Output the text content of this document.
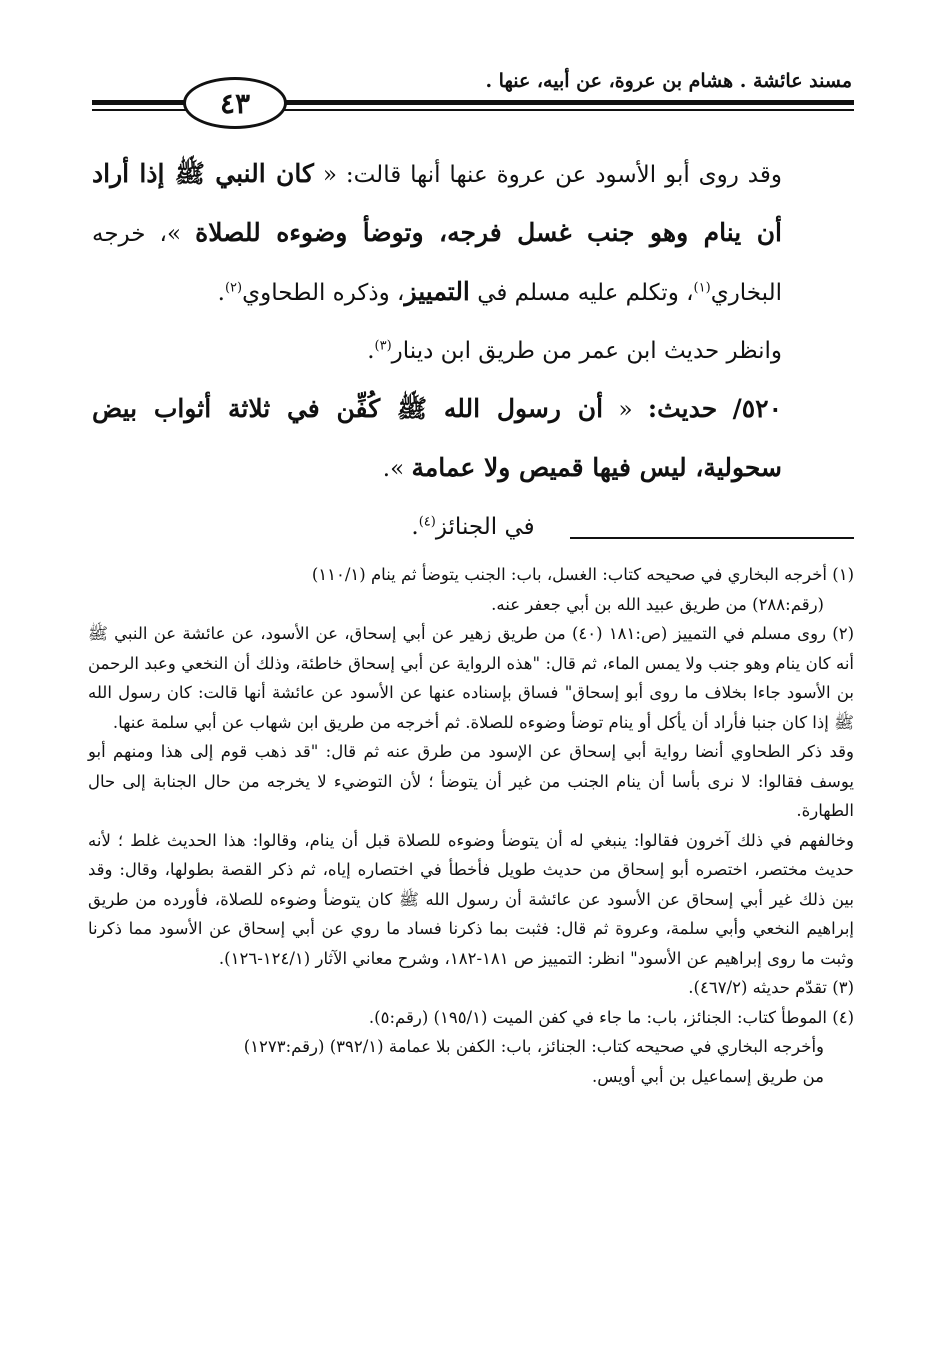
مسند عائشة . هشام بن عروة، عن أبيه، عنها .
٤٣

وقد روى أبو الأسود عن عروة عنها أنها قالت: « كان النبي ﷺ إذا أراد أن ينام وهو جنب غسل فرجه، وتوضأ وضوءه للصلاة »، خرجه البخاري$^{(١)}$، وتكلم عليه مسلم في التمييز، وذكره الطحاوي$^{(٢)}$.

وانظر حديث ابن عمر من طريق ابن دينار$^{(٣)}$.

٥٢٠/ حديث: « أن رسول الله ﷺ كُفِّن في ثلاثة أثواب بيض سحولية، ليس فيها قميص ولا عمامة ».

في الجنائز$^{(٤)}$.

(١) أخرجه البخاري في صحيحه كتاب: الغسل، باب: الجنب يتوضأ ثم ينام (١١٠/١)

(رقم:٢٨٨) من طريق عبيد الله بن أبي جعفر عنه.

(٢) روى مسلم في التمييز (ص:١٨١ (٤٠) من طريق زهير عن أبي إسحاق، عن الأسود، عن عائشة عن النبي ﷺ أنه كان ينام وهو جنب ولا يمس الماء، ثم قال: "هذه الرواية عن أبي إسحاق خاطئة، وذلك أن النخعي وعبد الرحمن بن الأسود جاءا بخلاف ما روى أبو إسحاق" فساق بإسناده عنها عن الأسود عن عائشة أنها قالت: كان رسول الله ﷺ إذا كان جنبا فأراد أن يأكل أو ينام توضأ وضوءه للصلاة. ثم أخرجه من طريق ابن شهاب عن أبي سلمة عنها.

وقد ذكر الطحاوي أنضا رواية أبي إسحاق عن الإسود من طرق عنه ثم قال: "قد ذهب قوم إلى هذا ومنهم أبو يوسف فقالوا: لا نرى بأسا أن ينام الجنب من غير أن يتوضأ ؛ لأن التوضيء لا يخرجه من حال الجنابة إلى حال الطهارة.

وخالفهم في ذلك آخرون فقالوا: ينبغي له أن يتوضأ وضوءه للصلاة قبل أن ينام، وقالوا: هذا الحديث غلط ؛ لأنه حديث مختصر، اختصره أبو إسحاق من حديث طويل فأخطأ في اختصاره إياه، ثم ذكر القصة بطولها، وقال: وقد بين ذلك غير أبي إسحاق عن الأسود عن عائشة أن رسول الله ﷺ كان يتوضأ وضوءه للصلاة، فأورده من طريق إبراهيم النخعي وأبي سلمة، وعروة ثم قال: فثبت بما ذكرنا فساد ما روي عن أبي إسحاق عن الأسود مما ذكرنا وثبت ما روى إبراهيم عن الأسود" انظر: التمييز ص ١٨١-١٨٢، وشرح معاني الآثار (١٢٤/١-١٢٦).

(٣) تقدّم حديثه (٤٦٧/٢).

(٤) الموطأ كتاب: الجنائز، باب: ما جاء في كفن الميت (١٩٥/١) (رقم:٥).

وأخرجه البخاري في صحيحه كتاب: الجنائز، باب: الكفن بلا عمامة (٣٩٢/١) (رقم:١٢٧٣)

من طريق إسماعيل بن أبي أويس.
